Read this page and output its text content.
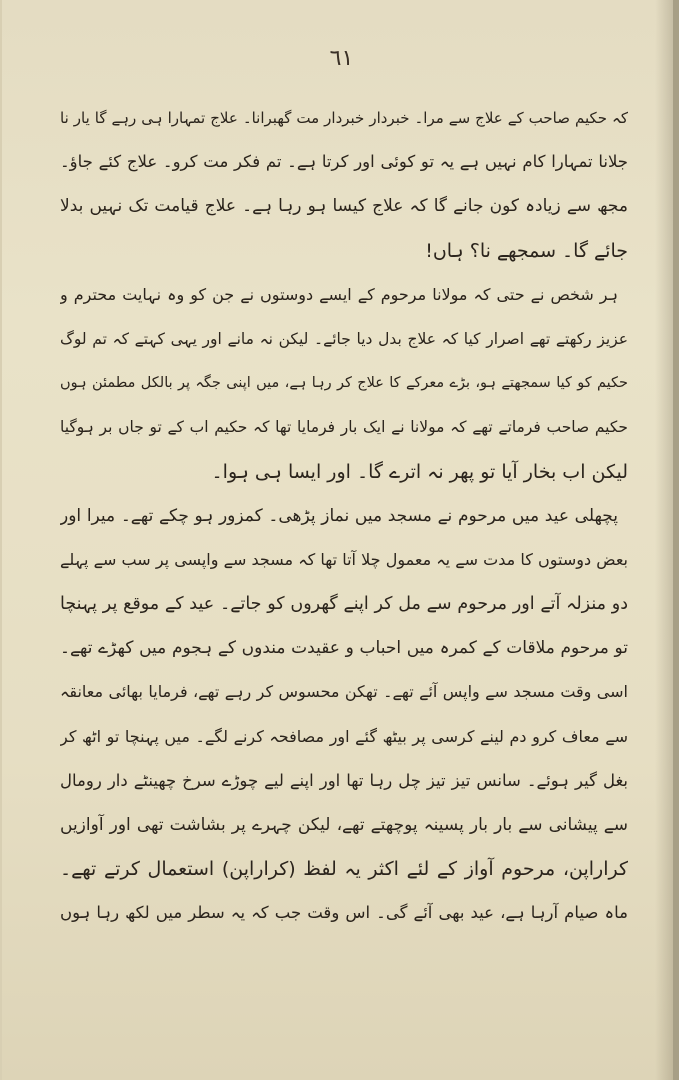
٦١
کہ حکیم صاحب کے علاج سے مرا۔ خبردار خبردار مت گھبرانا۔ علاج تمہارا ہی رہے گا یار نا
جلانا تمہارا کام نہیں ہے یہ تو کوئی اور کرتا ہے۔ تم فکر مت کرو۔ علاج کئے جاؤ۔
مجھ سے زیادہ کون جانے گا کہ علاج کیسا ہو رہا ہے۔ علاج قیامت تک نہیں بدلا
جائے گا۔ سمجھے نا؟ ہاں!
ہر شخص نے حتی کہ مولانا مرحوم کے ایسے دوستوں نے جن کو وہ نہایت محترم و
عزیز رکھتے تھے اصرار کیا کہ علاج بدل دیا جائے۔ لیکن نہ مانے اور یہی کہتے کہ تم لوگ
حکیم کو کیا سمجھتے ہو، بڑے معرکے کا علاج کر رہا ہے، میں اپنی جگہ پر بالکل مطمئن ہوں
حکیم صاحب فرماتے تھے کہ مولانا نے ایک بار فرمایا تھا کہ حکیم اب کے تو جاں بر ہوگیا
لیکن اب بخار آیا تو پھر نہ اترے گا۔ اور ایسا ہی ہوا۔
پچھلی عید میں مرحوم نے مسجد میں نماز پڑھی۔ کمزور ہو چکے تھے۔ میرا اور
بعض دوستوں کا مدت سے یہ معمول چلا آتا تھا کہ مسجد سے واپسی پر سب سے پہلے
دو منزلہ آتے اور مرحوم سے مل کر اپنے گھروں کو جاتے۔ عید کے موقع پر پہنچا
تو مرحوم ملاقات کے کمرہ میں احباب و عقیدت مندوں کے ہجوم میں کھڑے تھے۔
اسی وقت مسجد سے واپس آئے تھے۔ تھکن محسوس کر رہے تھے، فرمایا بھائی معانقہ
سے معاف کرو دم لینے کرسی پر بیٹھ گئے اور مصافحہ کرنے لگے۔ میں پہنچا تو اٹھ کر
بغل گیر ہوئے۔ سانس تیز تیز چل رہا تھا اور اپنے لیے چوڑے سرخ چھینٹے دار رومال
سے پیشانی سے بار بار پسینہ پوچھتے تھے، لیکن چہرے پر بشاشت تھی اور آوازیں
کراراپن، مرحوم آواز کے لئے اکثر یہ لفظ (کراراپن) استعمال کرتے تھے۔
ماہ صیام آرہا ہے، عید بھی آئے گی۔ اس وقت جب کہ یہ سطر میں لکھ رہا ہوں
